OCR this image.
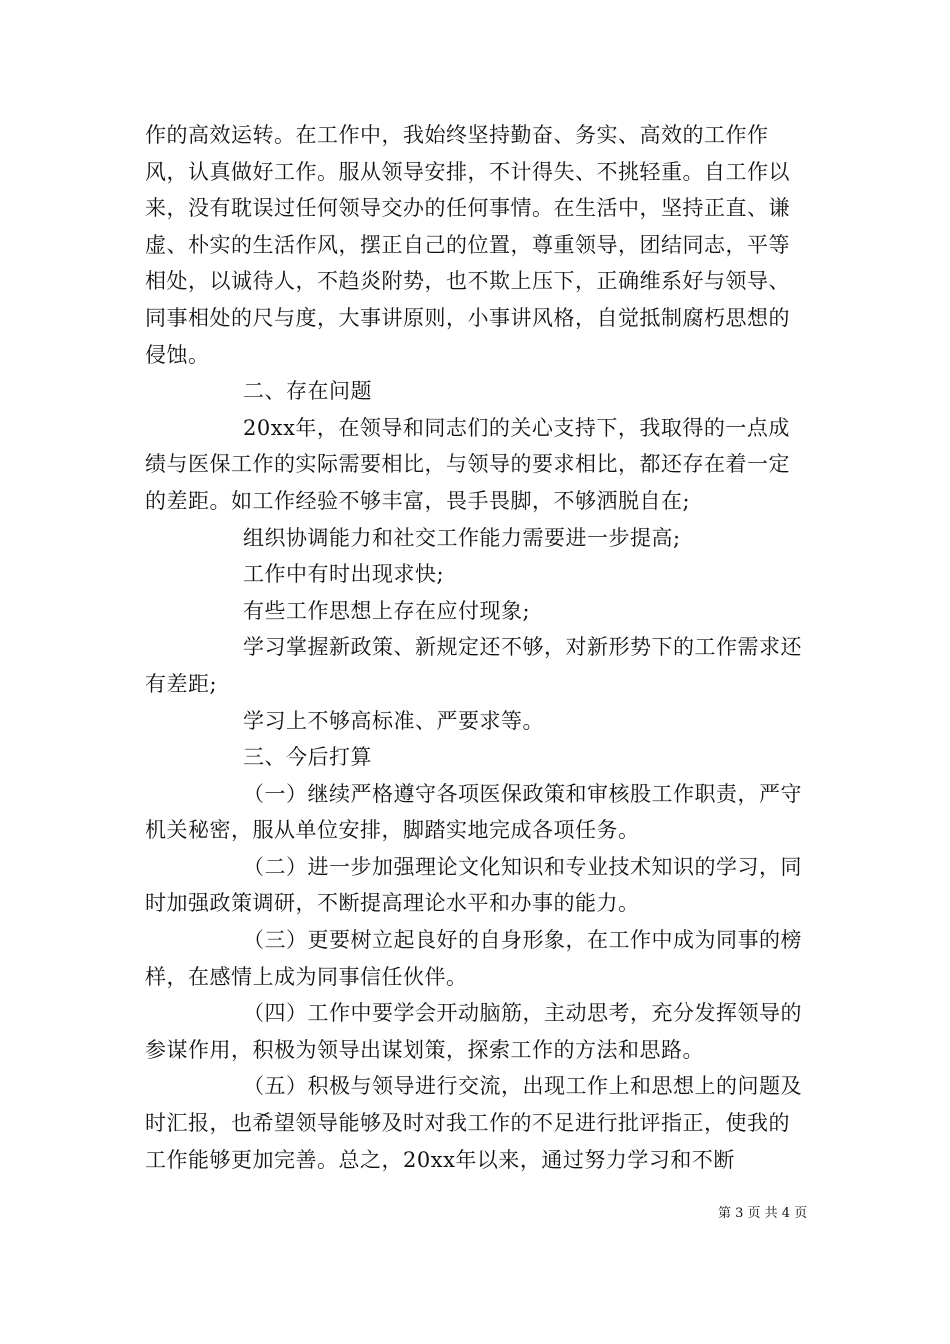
作的高效运转。在工作中，我始终坚持勤奋、务实、高效的工作作风，认真做好工作。服从领导安排，不计得失、不挑轻重。自工作以来，没有耽误过任何领导交办的任何事情。在生活中，坚持正直、谦虚、朴实的生活作风，摆正自己的位置，尊重领导，团结同志，平等相处，以诚待人，不趋炎附势，也不欺上压下，正确维系好与领导、同事相处的尺与度，大事讲原则，小事讲风格，自觉抵制腐朽思想的侵蚀。

二、存在问题

20xx年，在领导和同志们的关心支持下，我取得的一点成绩与医保工作的实际需要相比，与领导的要求相比，都还存在着一定的差距。如工作经验不够丰富，畏手畏脚，不够洒脱自在;

组织协调能力和社交工作能力需要进一步提高;

工作中有时出现求快;

有些工作思想上存在应付现象;

学习掌握新政策、新规定还不够，对新形势下的工作需求还有差距;

学习上不够高标准、严要求等。

三、今后打算

（一）继续严格遵守各项医保政策和审核股工作职责，严守机关秘密，服从单位安排，脚踏实地完成各项任务。

（二）进一步加强理论文化知识和专业技术知识的学习，同时加强政策调研，不断提高理论水平和办事的能力。

（三）更要树立起良好的自身形象，在工作中成为同事的榜样，在感情上成为同事信任伙伴。

（四）工作中要学会开动脑筋，主动思考，充分发挥领导的参谋作用，积极为领导出谋划策，探索工作的方法和思路。

（五）积极与领导进行交流，出现工作上和思想上的问题及时汇报，也希望领导能够及时对我工作的不足进行批评指正，使我的工作能够更加完善。总之，20xx年以来，通过努力学习和不断

第 3 页 共 4 页
